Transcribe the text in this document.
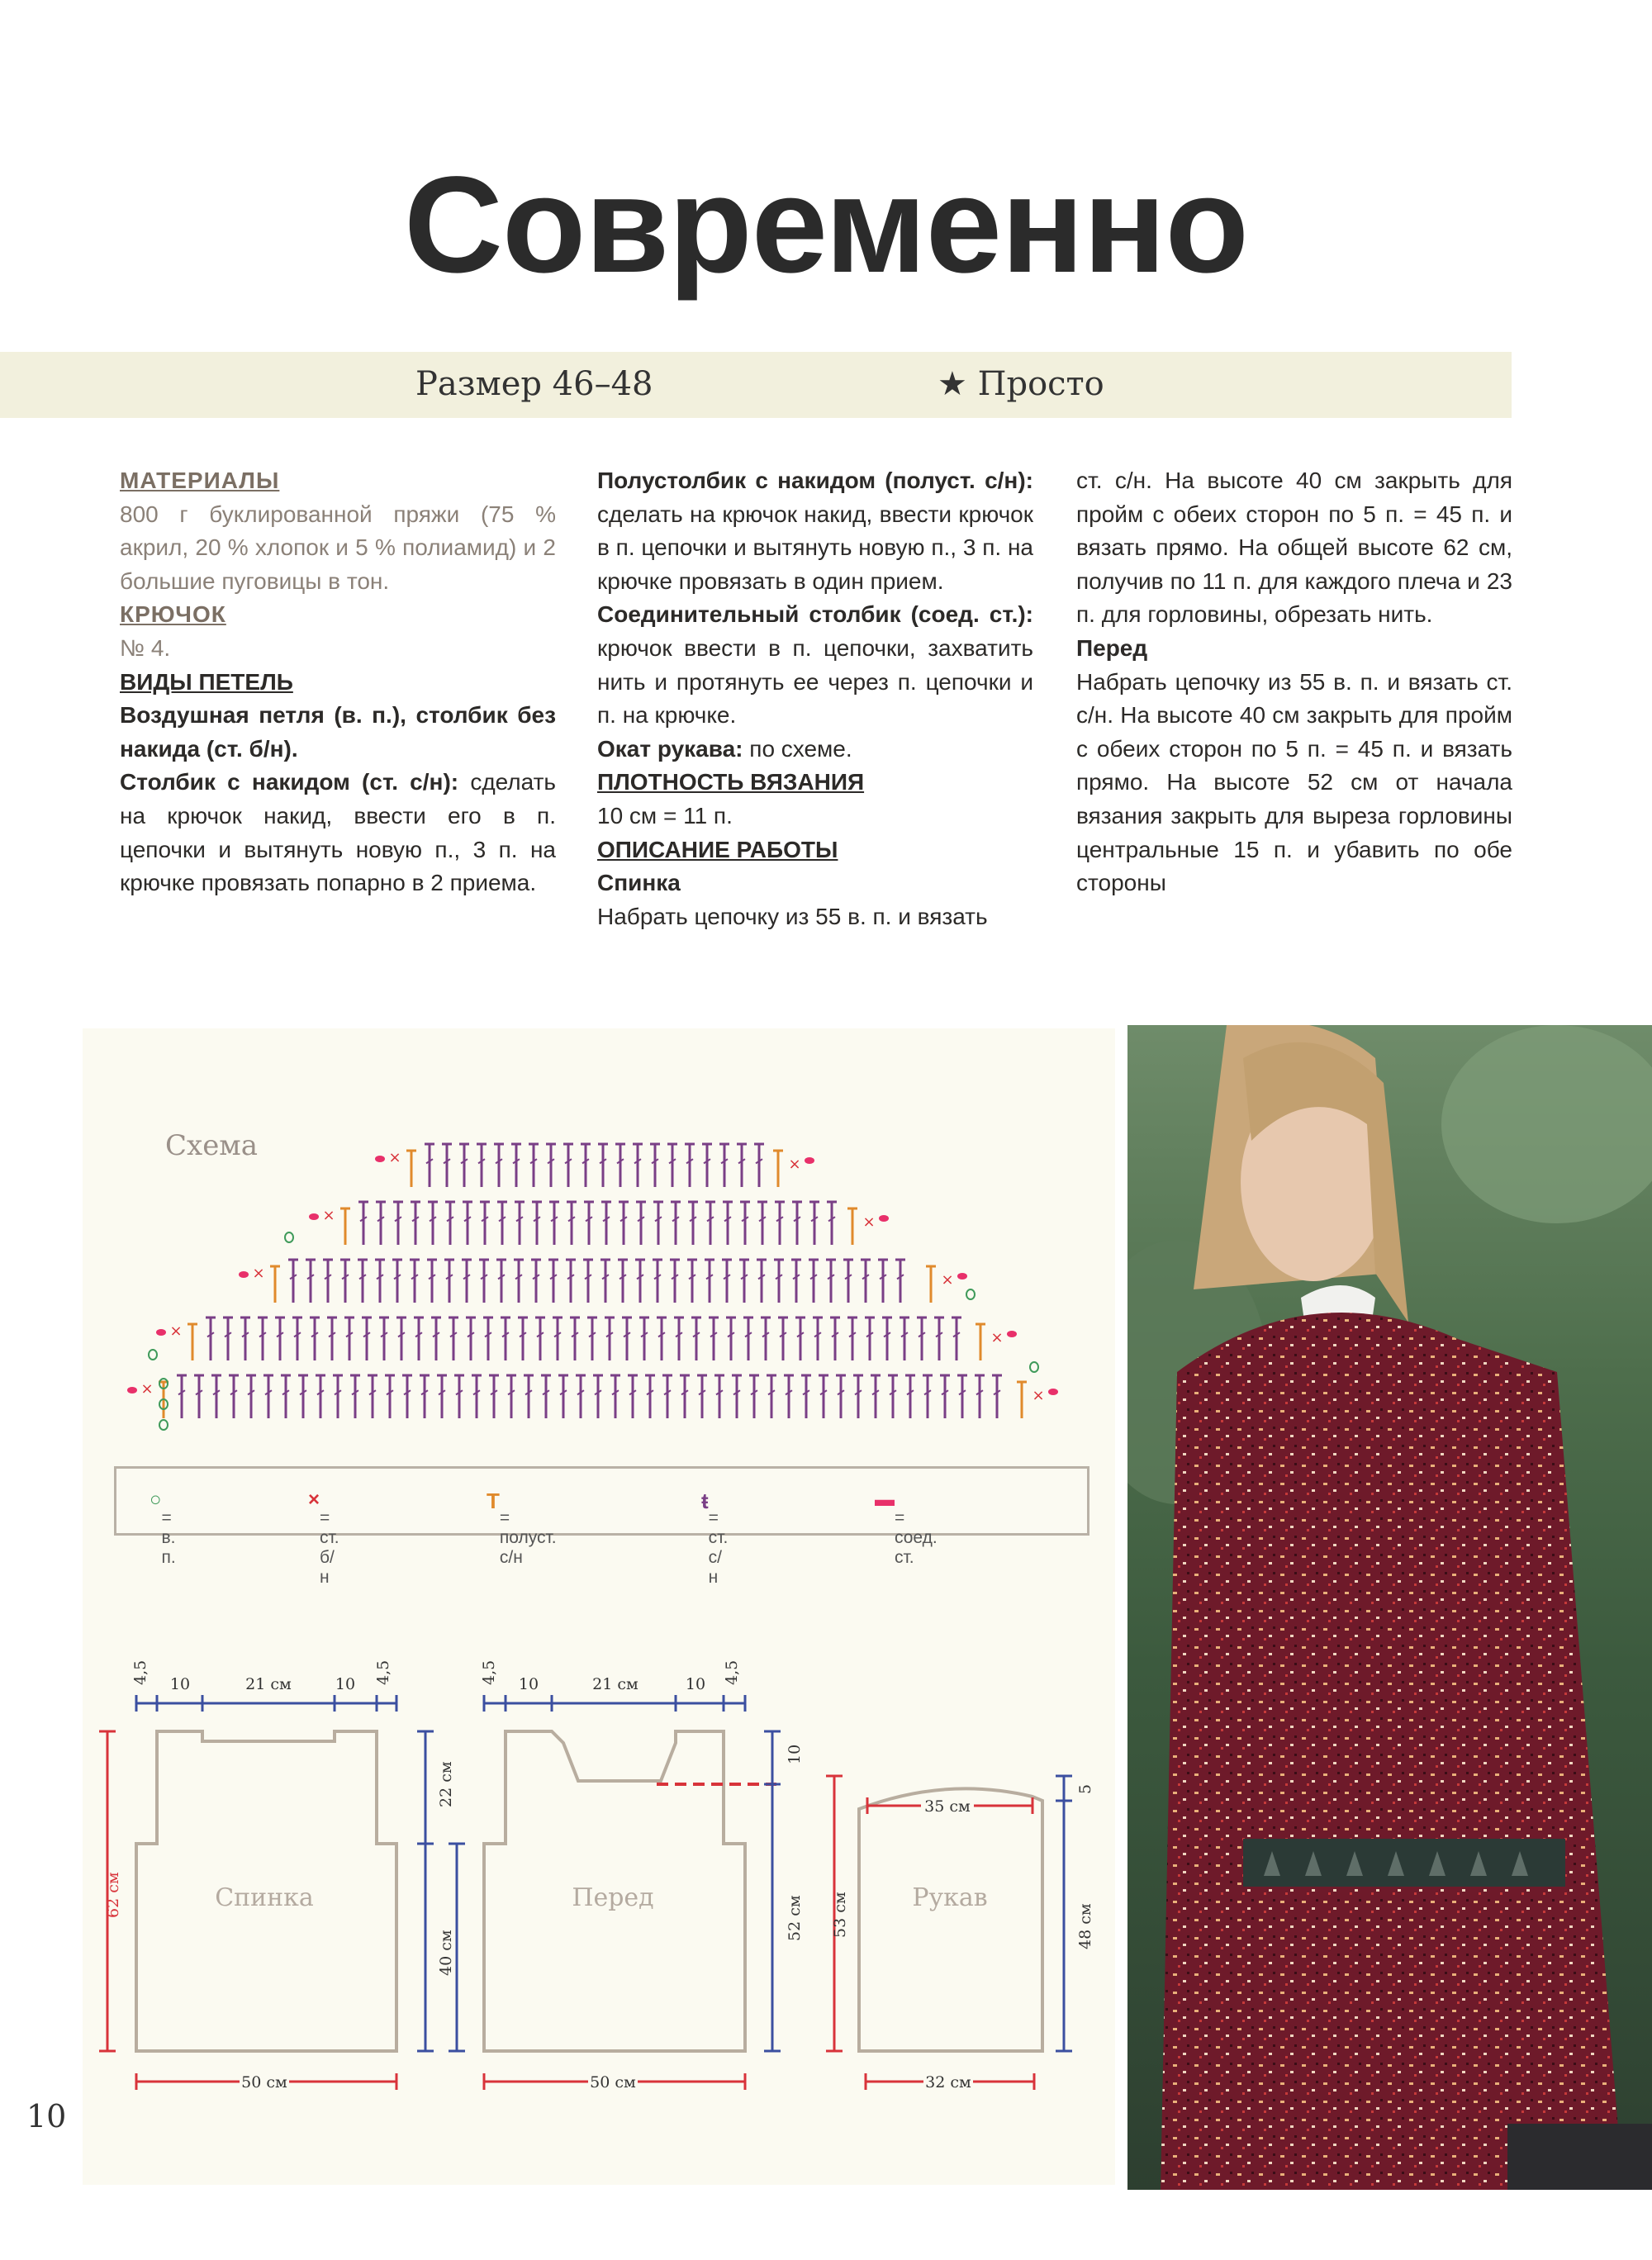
Современно
Размер 46–48	★ Просто

МАТЕРИАЛЫ

800 г буклированной пряжи (75 % акрил, 20 % хлопок и 5 % полиамид) и 2 большие пуговицы в тон.

КРЮЧОК

№ 4.

ВИДЫ ПЕТЕЛЬ

Воздушная петля (в. п.), столбик без накида (ст. б/н).

Столбик с накидом (ст. с/н): сделать на крючок накид, ввести его в п. цепочки и вытянуть новую п., 3 п. на крючке провязать попарно в 2 приема.

Полустолбик с накидом (полуст. с/н): сделать на крючок накид, ввести крючок в п. цепочки и вытянуть новую п., 3 п. на крючке провязать в один прием.

Соединительный столбик (соед. ст.): крючок ввести в п. цепочки, захватить нить и протянуть ее через п. цепочки и п. на крючке.

Окат рукава: по схеме.

ПЛОТНОСТЬ ВЯЗАНИЯ

10 см = 11 п.

ОПИСАНИЕ РАБОТЫ

Спинка

Набрать цепочку из 55 в. п. и вязать

ст. с/н. На высоте 40 см закрыть для пройм с обеих сторон по 5 п. = 45 п. и вязать прямо. На общей высоте 62 см, получив по 11 п. для каждого плеча и 23 п. для горловины, обрезать нить.

Перед

Набрать цепочку из 55 в. п. и вязать ст. с/н. На высоте 40 см закрыть для пройм с обеих сторон по 5 п. = 45 п. и вязать прямо. На высоте 52 см от начала вязания закрыть для выреза горловины центральные 15 п. и убавить по обе стороны

Схема
×	×
×	×
×	×
×	×
×	×
○
= в. п.
×
= ст. б/н
T
= полуст. с/н
ŧ
= ст. с/н
▬
= соед. ст.
Спинка
4,5 10	21 см	10 4,5
62 см
22 см
40 см
50 см
Перед
4,5 10	21 см	10 4,5
10
52 см
50 см
Рукав
35 см
53 см
5
48 см
32 см
10
